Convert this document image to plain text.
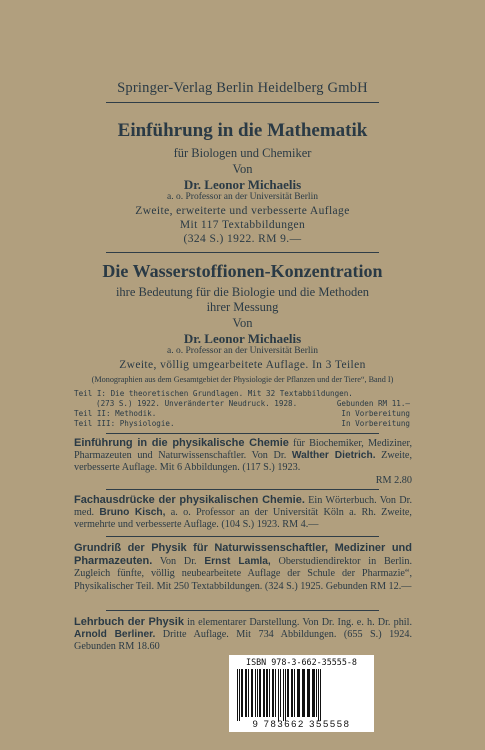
Springer-Verlag Berlin Heidelberg GmbH
Einführung in die Mathematik
für Biologen und Chemiker
Von
Dr. Leonor Michaelis
a. o. Professor an der Universität Berlin
Zweite, erweiterte und verbesserte Auflage
Mit 117 Textabbildungen
(324 S.) 1922. RM 9.—
Die Wasserstoffionen-Konzentration
ihre Bedeutung für die Biologie und die Methoden
ihrer Messung
Von
Dr. Leonor Michaelis
a. o. Professor an der Universität Berlin
Zweite, völlig umgearbeitete Auflage. In 3 Teilen
(Monographien aus dem Gesamtgebiet der Physiologie der Pflanzen und der Tiere“, Band I)
Teil I: Die theoretischen Grundlagen. Mit 32 Textabbildungen.
(273 S.) 1922. Unveränderter Neudruck. 1928.	Gebunden RM 11.—
Teil II: Methodik.	In Vorbereitung
Teil III: Physiologie.	In Vorbereitung
Einführung in die physikalische Chemie für Biochemiker, Mediziner, Pharmazeuten und Naturwissenschaftler. Von Dr. Walther Dietrich. Zweite, verbesserte Auflage. Mit 6 Abbildungen. (117 S.) 1923.
RM 2.80
Fachausdrücke der physikalischen Chemie. Ein Wörterbuch. Von Dr. med. Bruno Kisch, a. o. Professor an der Universität Köln a. Rh. Zweite, vermehrte und verbesserte Auflage. (104 S.) 1923. RM 4.—
Grundriß der Physik für Naturwissenschaftler, Mediziner und Pharmazeuten. Von Dr. Ernst Lamla, Oberstudiendirektor in Berlin. Zugleich fünfte, völlig neubearbeitete Auflage der Schule der Pharmazie“, Physikalischer Teil. Mit 250 Textabbildungen. (324 S.) 1925. Gebunden RM 12.—
Lehrbuch der Physik in elementarer Darstellung. Von Dr. Ing. e. h. Dr. phil. Arnold Berliner. Dritte Auflage. Mit 734 Abbildungen. (655 S.) 1924. Gebunden RM 18.60
ISBN 978-3-662-35555-8
9 783662 355558
